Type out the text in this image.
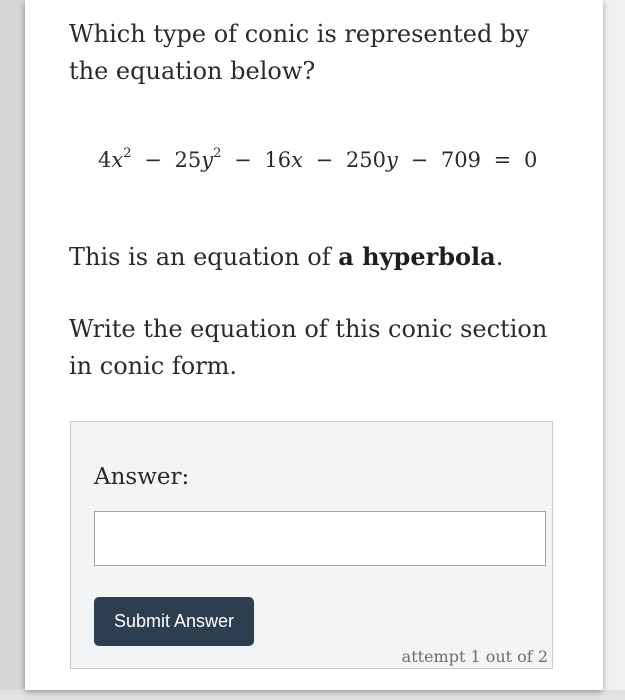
Which type of conic is represented by the equation below?
$4x^2 - 25y^2 - 16x - 250y - 709 = 0$
This is an equation of a hyperbola.
Write the equation of this conic section in conic form.
Answer:
Submit Answer
attempt 1 out of 2
